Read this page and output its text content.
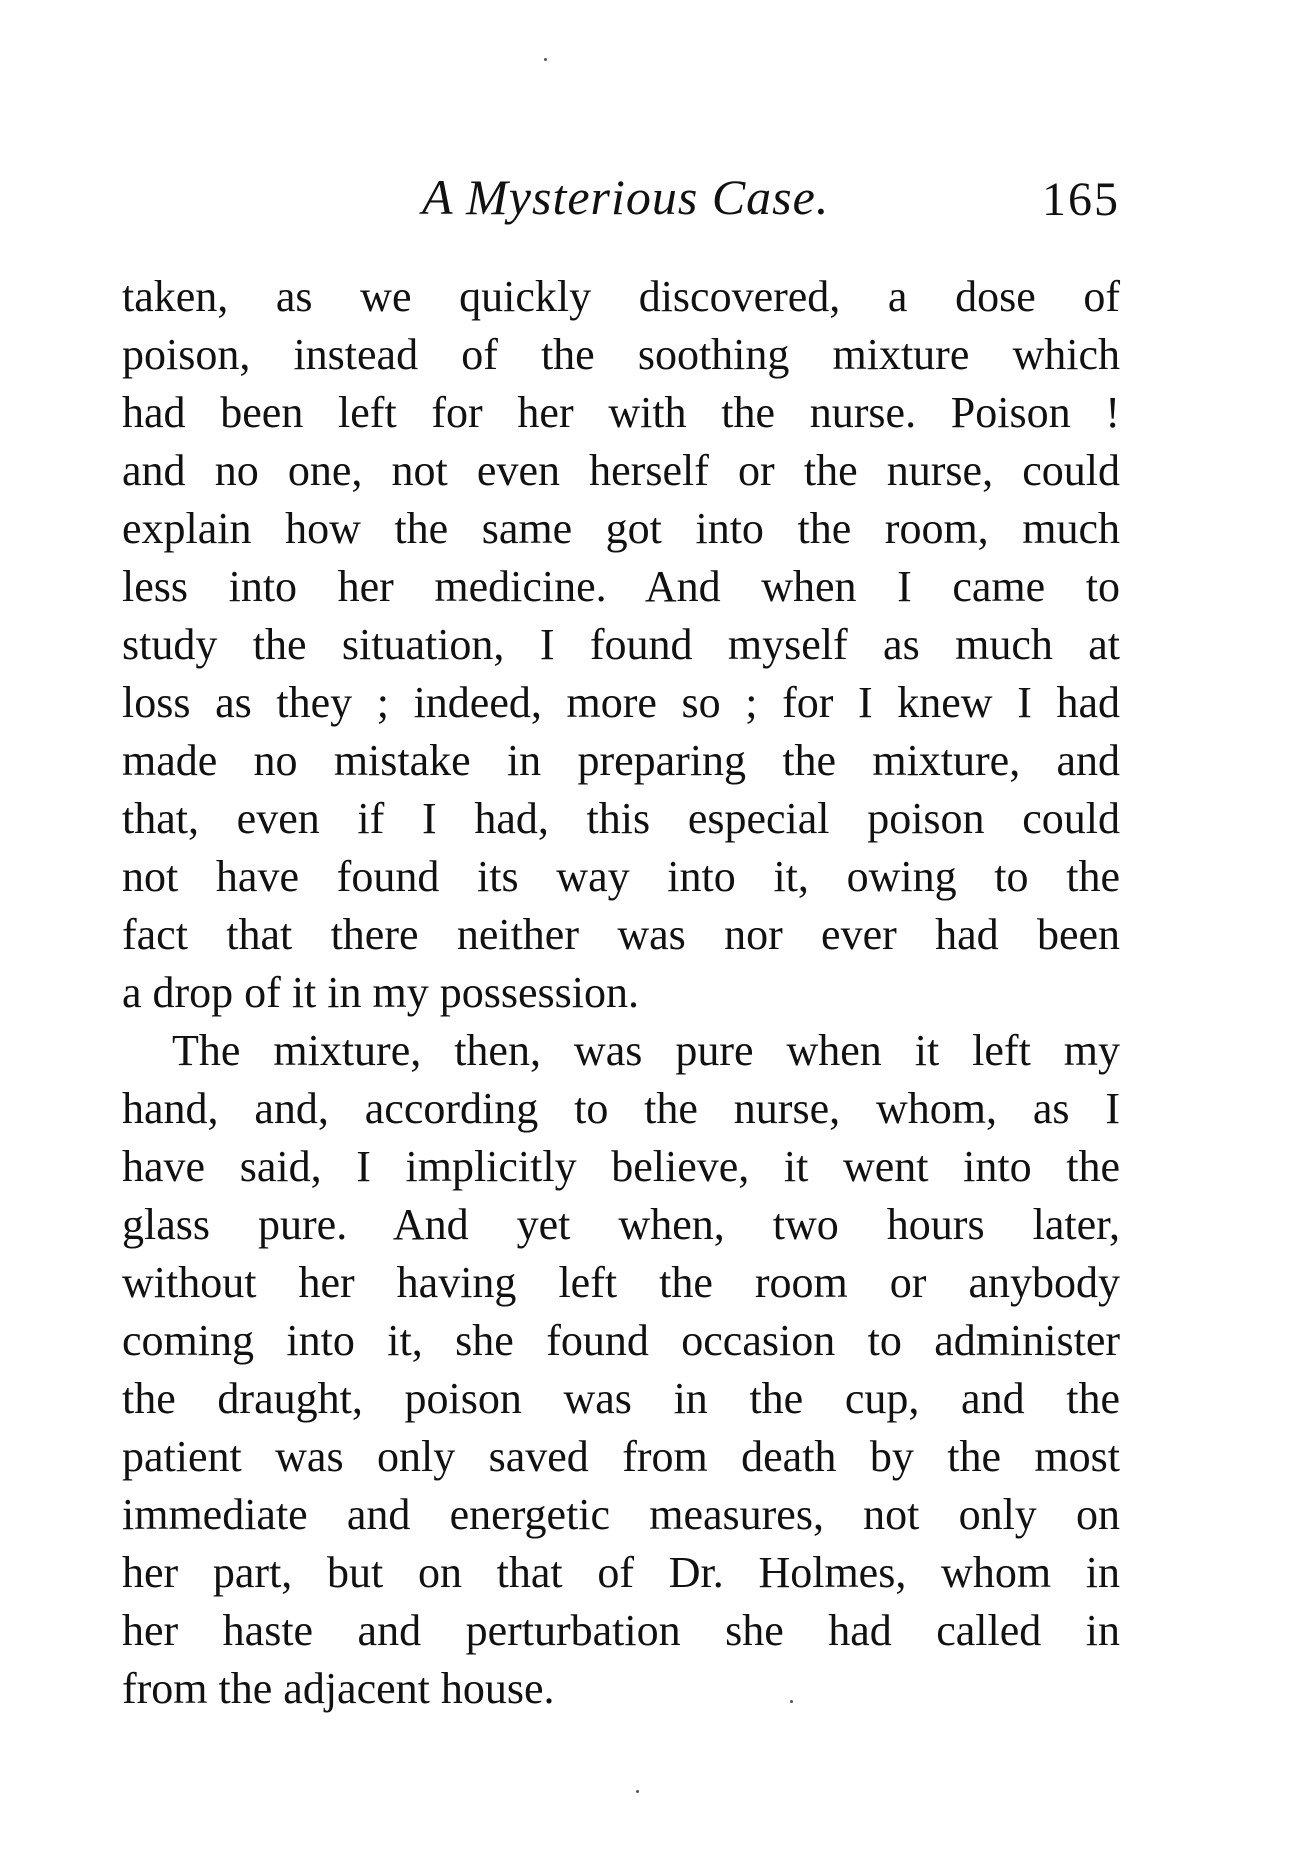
A Mysterious Case.	165
taken, as we quickly discovered, a dose of
poison, instead of the soothing mixture which
had been left for her with the nurse. Poison !
and no one, not even herself or the nurse, could
explain how the same got into the room, much
less into her medicine. And when I came to
study the situation, I found myself as much at
loss as they ; indeed, more so ; for I knew I had
made no mistake in preparing the mixture, and
that, even if I had, this especial poison could
not have found its way into it, owing to the
fact that there neither was nor ever had been
a drop of it in my possession.
The mixture, then, was pure when it left my
hand, and, according to the nurse, whom, as I
have said, I implicitly believe, it went into the
glass pure. And yet when, two hours later,
without her having left the room or anybody
coming into it, she found occasion to administer
the draught, poison was in the cup, and the
patient was only saved from death by the most
immediate and energetic measures, not only on
her part, but on that of Dr. Holmes, whom in
her haste and perturbation she had called in
from the adjacent house.
